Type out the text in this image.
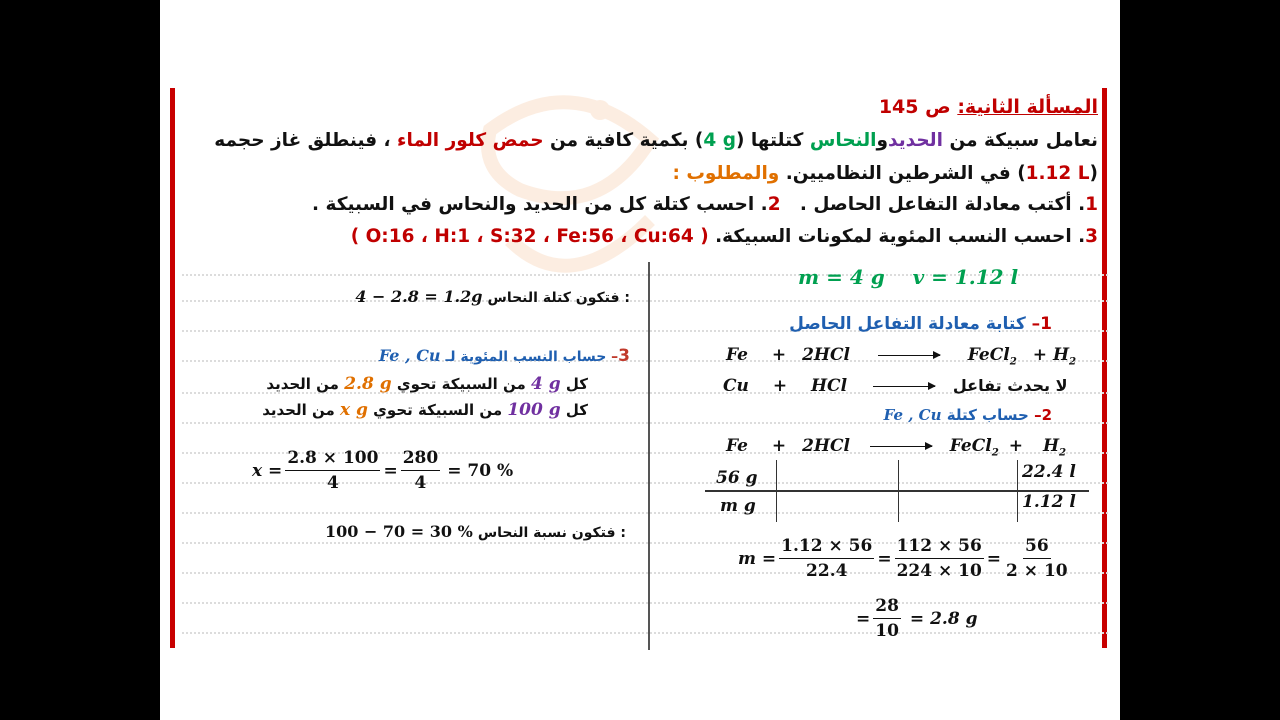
المسألة الثانية: ص 145
نعامل سبيكة من الحديدوالنحاس كتلتها (4 g) بكمية كافية من حمض كلور الماء ، فينطلق غاز حجمه
(1.12 L) في الشرطين النظاميين. والمطلوب :
1. أكتب معادلة التفاعل الحاصل .   2. احسب كتلة كل من الحديد والنحاس في السبيكة .
3. احسب النسب المئوية لمكونات السبيكة. ( O:16 ، H:1 ، S:32 ، Fe:56 ، Cu:64 )
m = 4 g v = 1.12 l
1– كتابة معادلة التفاعل الحاصل
Fe + 2HCl	FeCl$_2$ + $H_2$
Cu + HCl → لا يحدث تفاعل
2– حساب كتلة Fe , Cu
Fe + 2HCl → FeCl$_2$ + $H_2$
56 g	22.4 l
m g	1.12 l
$m = \frac{1.12 \times 56}{22.4} = \frac{112 \times 56}{224 \times 10} = \frac{56}{2 \times 10}$
= $\frac{28}{10} = 2.8$ g
4 − 2.8 = 1.2g فتكون كتلة النحاس :
3– حساب النسب المئوية لـ Fe , Cu
كل 4 g من السبيكة تحوي 2.8 g من الحديد
كل 100 g من السبيكة تحوي x g من الحديد
$x = \frac{2.8 \times 100}{4} = \frac{280}{4} = 70$ %
100 − 70 = 30 % فتكون نسبة النحاس :
